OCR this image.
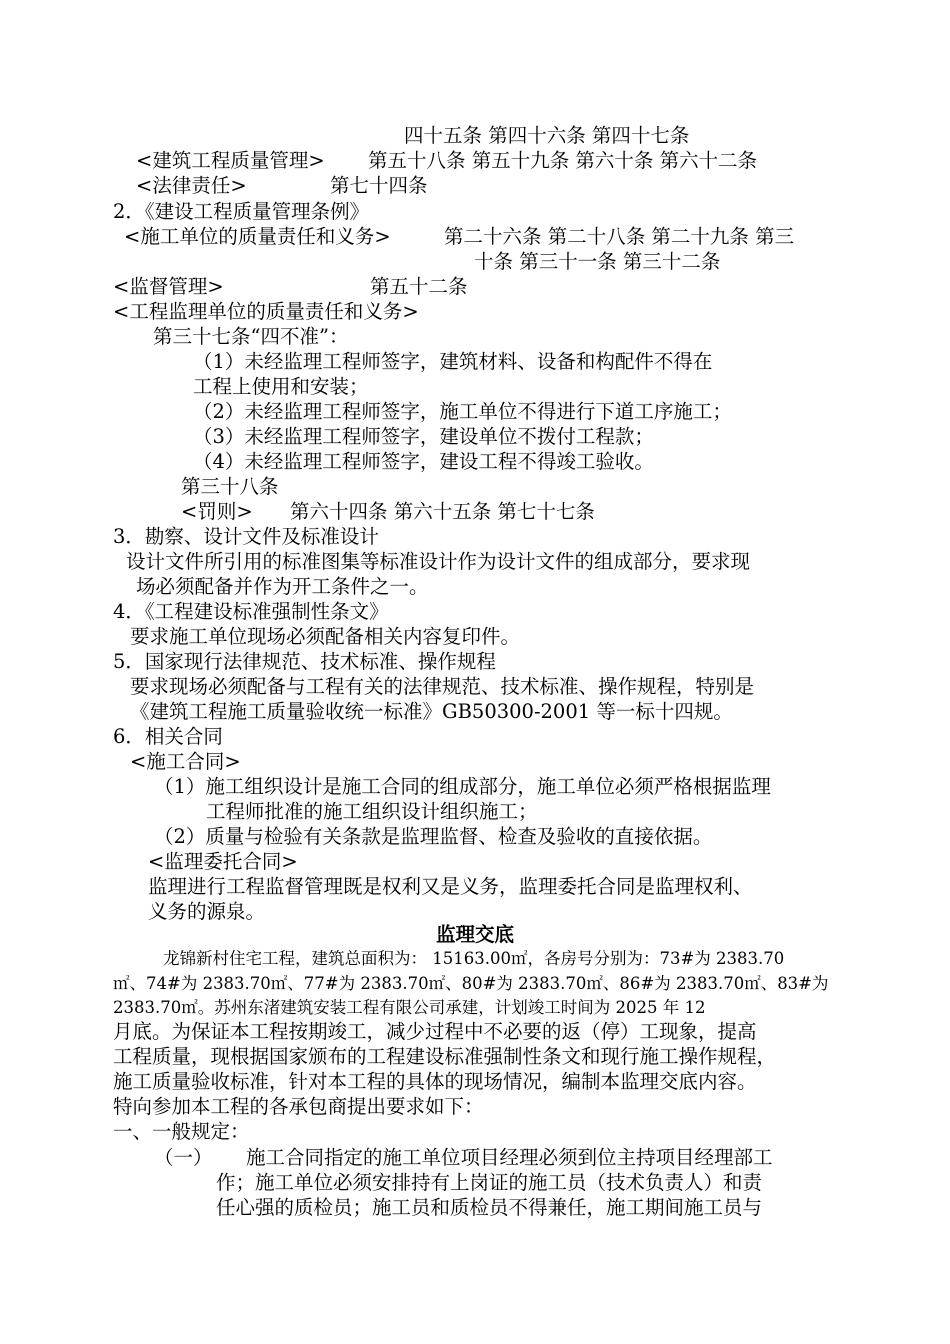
四十五条 第四十六条 第四十七条
<建筑工程质量管理> 第五十八条 第五十九条 第六十条 第六十二条
<法律责任>	第七十四条
2．《建设工程质量管理条例》
<施工单位的质量责任和义务>	第二十六条 第二十八条 第二十九条 第三
十条 第三十一条 第三十二条
<监督管理>	第五十二条
<工程监理单位的质量责任和义务>
第三十七条“四不准”：
（1）未经监理工程师签字，建筑材料、设备和构配件不得在
工程上使用和安装；
（2）未经监理工程师签字，施工单位不得进行下道工序施工；
（3）未经监理工程师签字，建设单位不拨付工程款；
（4）未经监理工程师签字，建设工程不得竣工验收。
第三十八条
<罚则> 第六十四条 第六十五条 第七十七条
3．勘察、设计文件及标准设计
设计文件所引用的标准图集等标准设计作为设计文件的组成部分，要求现
场必须配备并作为开工条件之一。
4．《工程建设标准强制性条文》
要求施工单位现场必须配备相关内容复印件。
5．国家现行法律规范、技术标准、操作规程
要求现场必须配备与工程有关的法律规范、技术标准、操作规程，特别是
《建筑工程施工质量验收统一标准》GB50300-2001 等一标十四规。
6．相关合同
<施工合同>
（1）施工组织设计是施工合同的组成部分，施工单位必须严格根据监理
工程师批准的施工组织设计组织施工；
（2）质量与检验有关条款是监理监督、检查及验收的直接依据。
<监理委托合同>
监理进行工程监督管理既是权利又是义务，监理委托合同是监理权利、
义务的源泉。
监理交底
龙锦新村住宅工程，建筑总面积为： 15163.00㎡，各房号分别为：73#为 2383.70
㎡、74#为 2383.70㎡、77#为 2383.70㎡、80#为 2383.70㎡、86#为 2383.70㎡、83#为
2383.70㎡。苏州东渚建筑安装工程有限公司承建，计划竣工时间为 2025 年 12
月底。为保证本工程按期竣工，减少过程中不必要的返（停）工现象，提高
工程质量，现根据国家颁布的工程建设标准强制性条文和现行施工操作规程，
施工质量验收标准，针对本工程的具体的现场情况，编制本监理交底内容。
特向参加本工程的各承包商提出要求如下：
一、一般规定：
（一） 施工合同指定的施工单位项目经理必须到位主持项目经理部工
作；施工单位必须安排持有上岗证的施工员（技术负责人）和责
任心强的质检员；施工员和质检员不得兼任，施工期间施工员与
